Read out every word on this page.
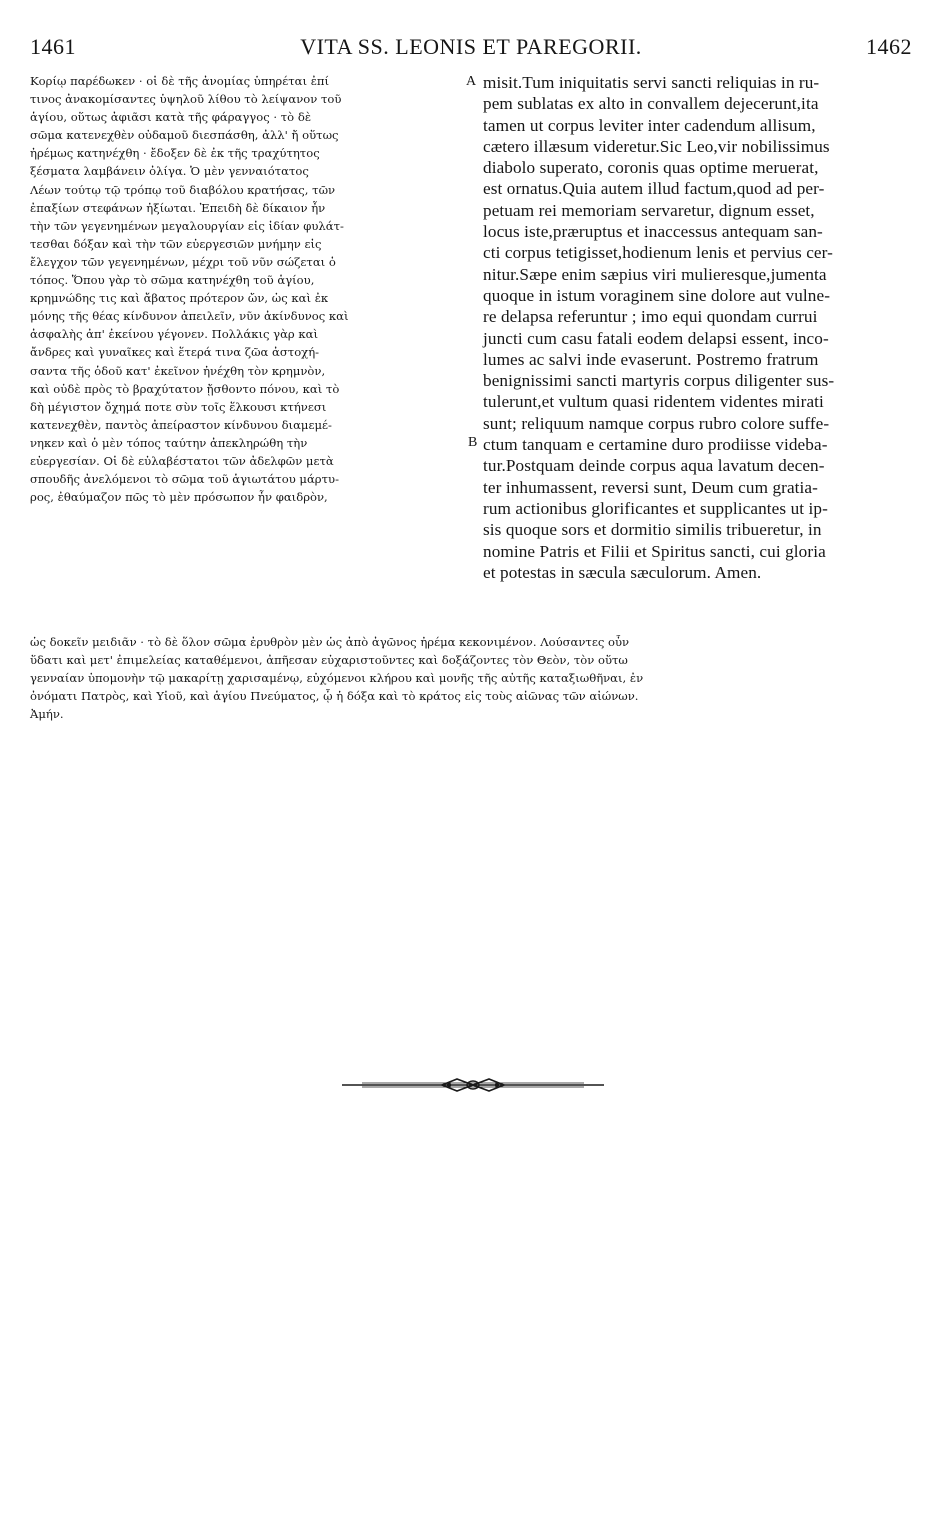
1461	VITA SS. LEONIS ET PAREGORII.	1462
A
B
Κορίῳ παρέδωκεν · οἱ δὲ τῆς ἀνομίας ὑπηρέται ἐπί
τινος ἀνακομίσαντες ὑψηλοῦ λίθου τὸ λείψανον τοῦ
ἁγίου, οὕτως ἀφιᾶσι κατὰ τῆς φάραγγος · τὸ δὲ
σῶμα κατενεχθὲν οὐδαμοῦ διεσπάσθη, ἀλλ' ἤ οὕτως
ἠρέμως κατηνέχθη · ἔδοξεν δὲ ἐκ τῆς τραχύτητος
ξέσματα λαμβάνειν ὀλίγα. Ὁ μὲν γενναιότατος
Λέων τούτῳ τῷ τρόπῳ τοῦ διαβόλου κρατήσας, τῶν
ἐπαξίων στεφάνων ἠξίωται. Ἐπειδὴ δὲ δίκαιον ἦν
τὴν τῶν γεγενημένων μεγαλουργίαν εἰς ἰδίαν φυλάτ-
τεσθαι δόξαν καὶ τὴν τῶν εὐεργεσιῶν μνήμην εἰς
ἔλεγχον τῶν γεγενημένων, μέχρι τοῦ νῦν σώζεται ὁ
τόπος. Ὅπου γὰρ τὸ σῶμα κατηνέχθη τοῦ ἁγίου,
κρημνώδης τις καὶ ἄβατος πρότερον ὤν, ὡς καὶ ἐκ
μόνης τῆς θέας κίνδυνον ἀπειλεῖν, νῦν ἀκίνδυνος καὶ
ἀσφαλὴς ἀπ' ἐκείνου γέγονεν. Πολλάκις γὰρ καὶ
ἄνδρες καὶ γυναῖκες καὶ ἕτερά τινα ζῶα ἀστοχή-
σαντα τῆς ὁδοῦ κατ' ἐκεῖνον ἠνέχθη τὸν κρημνὸν,
καὶ οὐδὲ πρὸς τὸ βραχύτατον ᾔσθοντο πόνου, καὶ τὸ
δὴ μέγιστον ὄχημά ποτε σὺν τοῖς ἕλκουσι κτήνεσι
κατενεχθὲν, παντὸς ἀπείραστον κίνδυνου διαμεμέ-
νηκεν καὶ ὁ μὲν τόπος ταύτην ἀπεκληρώθη τὴν
εὐεργεσίαν. Οἱ δὲ εὐλαβέστατοι τῶν ἀδελφῶν μετὰ
σπουδῆς ἀνελόμενοι τὸ σῶμα τοῦ ἁγιωτάτου μάρτυ-
ρος, ἐθαύμαζον πῶς τὸ μὲν πρόσωπον ἦν φαιδρὸν,
misit.Tum iniquitatis servi sancti reliquias in ru-
pem sublatas ex alto in convallem dejecerunt,ita
tamen ut corpus leviter inter cadendum allisum,
cætero illæsum videretur.Sic Leo,vir nobilissimus
diabolo superato, coronis quas optime meruerat,
est ornatus.Quia autem illud factum,quod ad per-
petuam rei memoriam servaretur, dignum esset,
locus iste,præruptus et inaccessus antequam san-
cti corpus tetigisset,hodienum lenis et pervius cer-
nitur.Sæpe enim sæpius viri mulieresque,jumenta
quoque in istum voraginem sine dolore aut vulne-
re delapsa referuntur ; imo equi quondam currui
juncti cum casu fatali eodem delapsi essent, inco-
lumes ac salvi inde evaserunt. Postremo fratrum
benignissimi sancti martyris corpus diligenter sus-
tulerunt,et vultum quasi ridentem videntes mirati
sunt; reliquum namque corpus rubro colore suffe-
ctum tanquam e certamine duro prodiisse videba-
tur.Postquam deinde corpus aqua lavatum decen-
ter inhumassent, reversi sunt, Deum cum gratia-
rum actionibus glorificantes et supplicantes ut ip-
sis quoque sors et dormitio similis tribueretur, in
nomine Patris et Filii et Spiritus sancti, cui gloria
et potestas in sæcula sæculorum. Amen.
ὡς δοκεῖν μειδιᾶν · τὸ δὲ ὅλον σῶμα ἐρυθρὸν μὲν ὡς ἀπὸ ἀγῶνος ἠρέμα κεκονιμένον. Λούσαντες οὖν
ὕδατι καὶ μετ' ἐπιμελείας καταθέμενοι, ἀπῆεσαν εὐχαριστοῦντες καὶ δοξάζοντες τὸν Θεὸν, τὸν οὕτω
γενναίαν ὑπομονὴν τῷ μακαρίτῃ χαρισαμένῳ, εὐχόμενοι κλήρου καὶ μονῆς τῆς αὐτῆς καταξιωθῆναι, ἐν
ὀνόματι Πατρὸς, καὶ Υἱοῦ, καὶ ἁγίου Πνεύματος, ᾧ ἡ δόξα καὶ τὸ κράτος εἰς τοὺς αἰῶνας τῶν αἰώνων.
Ἀμήν.
